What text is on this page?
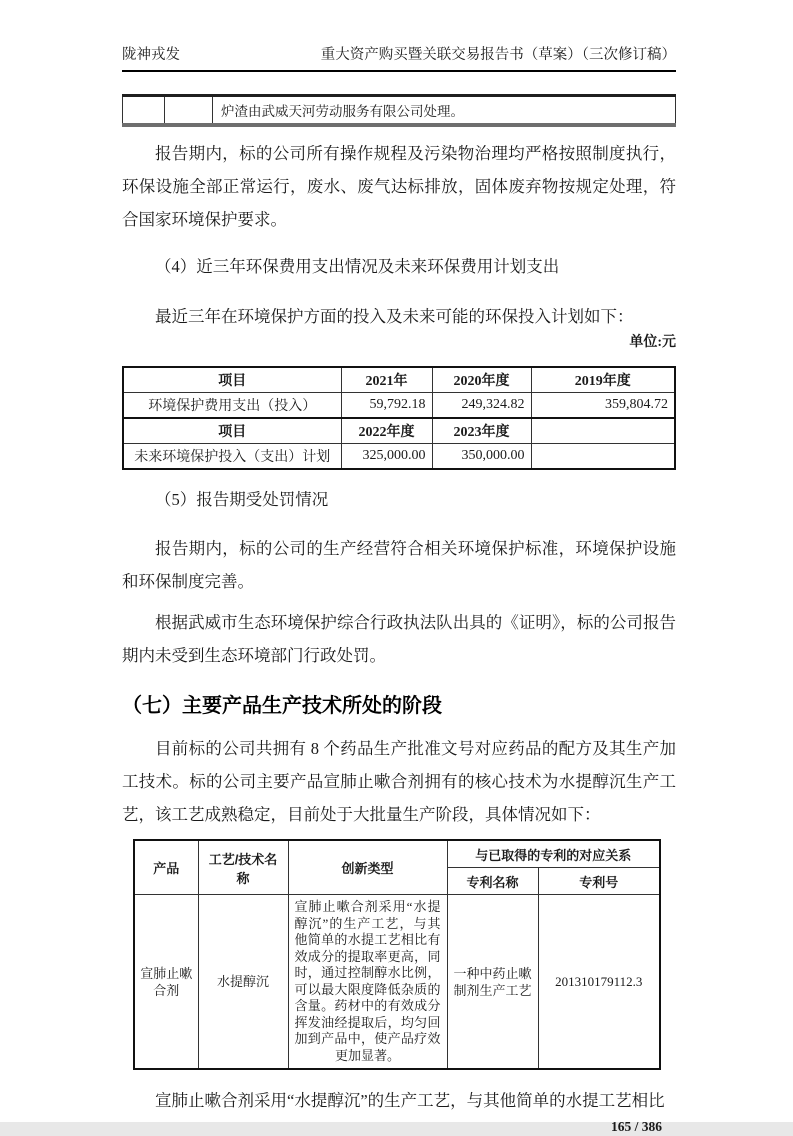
陇神戎发	重大资产购买暨关联交易报告书（草案）（三次修订稿）
		炉渣由武威天河劳动服务有限公司处理。

报告期内，标的公司所有操作规程及污染物治理均严格按照制度执行，环保设施全部正常运行，废水、废气达标排放，固体废弃物按规定处理，符合国家环境保护要求。

（4）近三年环保费用支出情况及未来环保费用计划支出

最近三年在环境保护方面的投入及未来可能的环保投入计划如下：

单位:元

项目	2021年	2020年度	2019年度
环境保护费用支出（投入）	59,792.18	249,324.82	359,804.72
项目	2022年度	2023年度	
未来环境保护投入（支出）计划	325,000.00	350,000.00	

（5）报告期受处罚情况

报告期内，标的公司的生产经营符合相关环境保护标准，环境保护设施和环保制度完善。

根据武威市生态环境保护综合行政执法队出具的《证明》，标的公司报告期内未受到生态环境部门行政处罚。

（七）主要产品生产技术所处的阶段

目前标的公司共拥有 8 个药品生产批准文号对应药品的配方及其生产加工技术。标的公司主要产品宣肺止嗽合剂拥有的核心技术为水提醇沉生产工艺，该工艺成熟稳定，目前处于大批量生产阶段，具体情况如下：

产品	工艺/技术名称	创新类型	与已取得的专利的对应关系	
			专利名称	专利号
宣肺止嗽合剂	水提醇沉	宣肺止嗽合剂采用“水提醇沉”的生产工艺，与其他简单的水提工艺相比有效成分的提取率更高，同时，通过控制醇水比例，可以最大限度降低杂质的含量。药材中的有效成分挥发油经提取后，均匀回加到产品中，使产品疗效更加显著。	一种中药止嗽制剂生产工艺	201310179112.3

宣肺止嗽合剂采用“水提醇沉”的生产工艺，与其他简单的水提工艺相比

165 / 386
